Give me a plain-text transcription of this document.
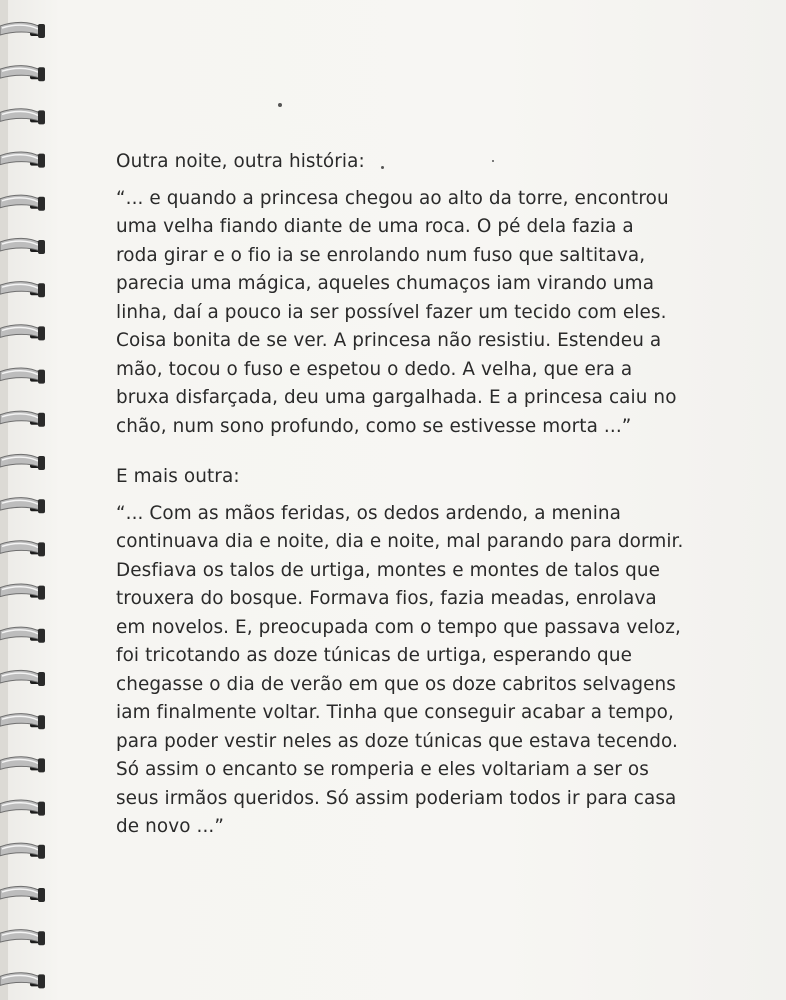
Outra noite, outra história:
“... e quando a princesa chegou ao alto da torre, encontrou
uma velha fiando diante de uma roca. O pé dela fazia a
roda girar e o fio ia se enrolando num fuso que saltitava,
parecia uma mágica, aqueles chumaços iam virando uma
linha, daí a pouco ia ser possível fazer um tecido com eles.
Coisa bonita de se ver. A princesa não resistiu. Estendeu a
mão, tocou o fuso e espetou o dedo. A velha, que era a
bruxa disfarçada, deu uma gargalhada. E a princesa caiu no
chão, num sono profundo, como se estivesse morta ...”
E mais outra:
“... Com as mãos feridas, os dedos ardendo, a menina
continuava dia e noite, dia e noite, mal parando para dormir.
Desfiava os talos de urtiga, montes e montes de talos que
trouxera do bosque. Formava fios, fazia meadas, enrolava
em novelos. E, preocupada com o tempo que passava veloz,
foi tricotando as doze túnicas de urtiga, esperando que
chegasse o dia de verão em que os doze cabritos selvagens
iam finalmente voltar. Tinha que conseguir acabar a tempo,
para poder vestir neles as doze túnicas que estava tecendo.
Só assim o encanto se romperia e eles voltariam a ser os
seus irmãos queridos. Só assim poderiam todos ir para casa
de novo ...”
